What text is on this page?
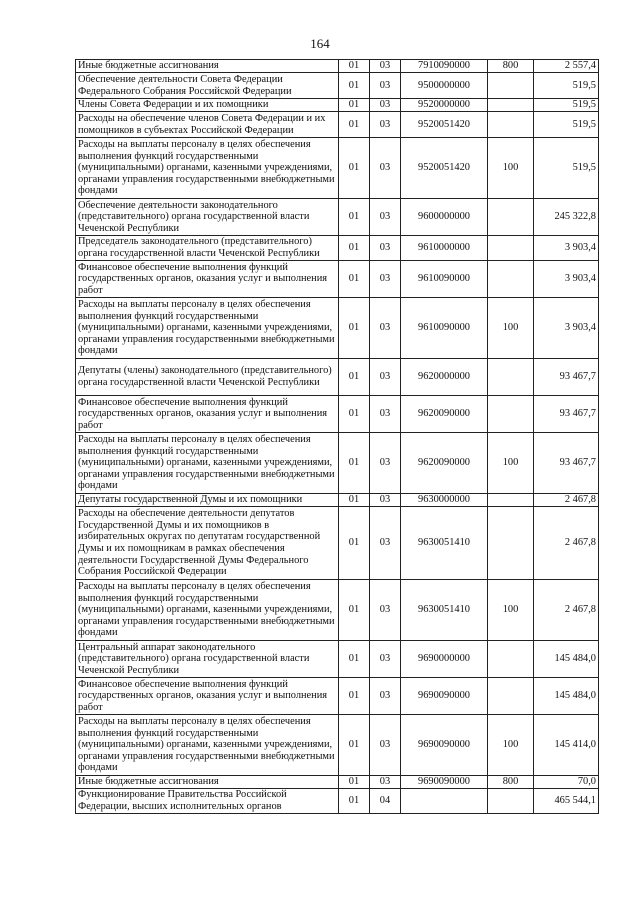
164
Иные бюджетные ассигнования	01	03	7910090000	800	2 557,4
Обеспечение деятельности Совета Федерации Федерального Собрания Российской Федерации	01	03	9500000000		519,5
Члены Совета Федерации и их помощники	01	03	9520000000		519,5
Расходы на обеспечение членов Совета Федерации и их помощников в субъектах Российской Федерации	01	03	9520051420		519,5
Расходы на выплаты персоналу в целях обеспечения выполнения функций государственными (муниципальными) органами, казенными учреждениями, органами управления государственными внебюджетными фондами	01	03	9520051420	100	519,5
Обеспечение деятельности законодательного (представительного) органа государственной власти Чеченской Республики	01	03	9600000000		245 322,8
Председатель законодательного (представительного) органа государственной власти Чеченской Республики	01	03	9610000000		3 903,4
Финансовое обеспечение выполнения функций государственных органов, оказания услуг и выполнения работ	01	03	9610090000		3 903,4
Расходы на выплаты персоналу в целях обеспечения выполнения функций государственными (муниципальными) органами, казенными учреждениями, органами управления государственными внебюджетными фондами	01	03	9610090000	100	3 903,4
Депутаты (члены) законодательного (представительного) органа государственной власти Чеченской Республики	01	03	9620000000		93 467,7
Финансовое обеспечение выполнения функций государственных органов, оказания услуг и выполнения работ	01	03	9620090000		93 467,7
Расходы на выплаты персоналу в целях обеспечения выполнения функций государственными (муниципальными) органами, казенными учреждениями, органами управления государственными внебюджетными фондами	01	03	9620090000	100	93 467,7
Депутаты государственной Думы и их помощники	01	03	9630000000		2 467,8
Расходы на обеспечение деятельности депутатов Государственной Думы и их помощников в избирательных округах по депутатам государственной Думы и их помощникам в рамках обеспечения деятельности Государственной Думы Федерального Собрания Российской Федерации	01	03	9630051410		2 467,8
Расходы на выплаты персоналу в целях обеспечения выполнения функций государственными (муниципальными) органами, казенными учреждениями, органами управления государственными внебюджетными фондами	01	03	9630051410	100	2 467,8
Центральный аппарат законодательного (представительного) органа государственной власти Чеченской Республики	01	03	9690000000		145 484,0
Финансовое обеспечение выполнения функций государственных органов, оказания услуг и выполнения работ	01	03	9690090000		145 484,0
Расходы на выплаты персоналу в целях обеспечения выполнения функций государственными (муниципальными) органами, казенными учреждениями, органами управления государственными внебюджетными фондами	01	03	9690090000	100	145 414,0
Иные бюджетные ассигнования	01	03	9690090000	800	70,0
Функционирование Правительства Российской Федерации, высших исполнительных органов	01	04			465 544,1
